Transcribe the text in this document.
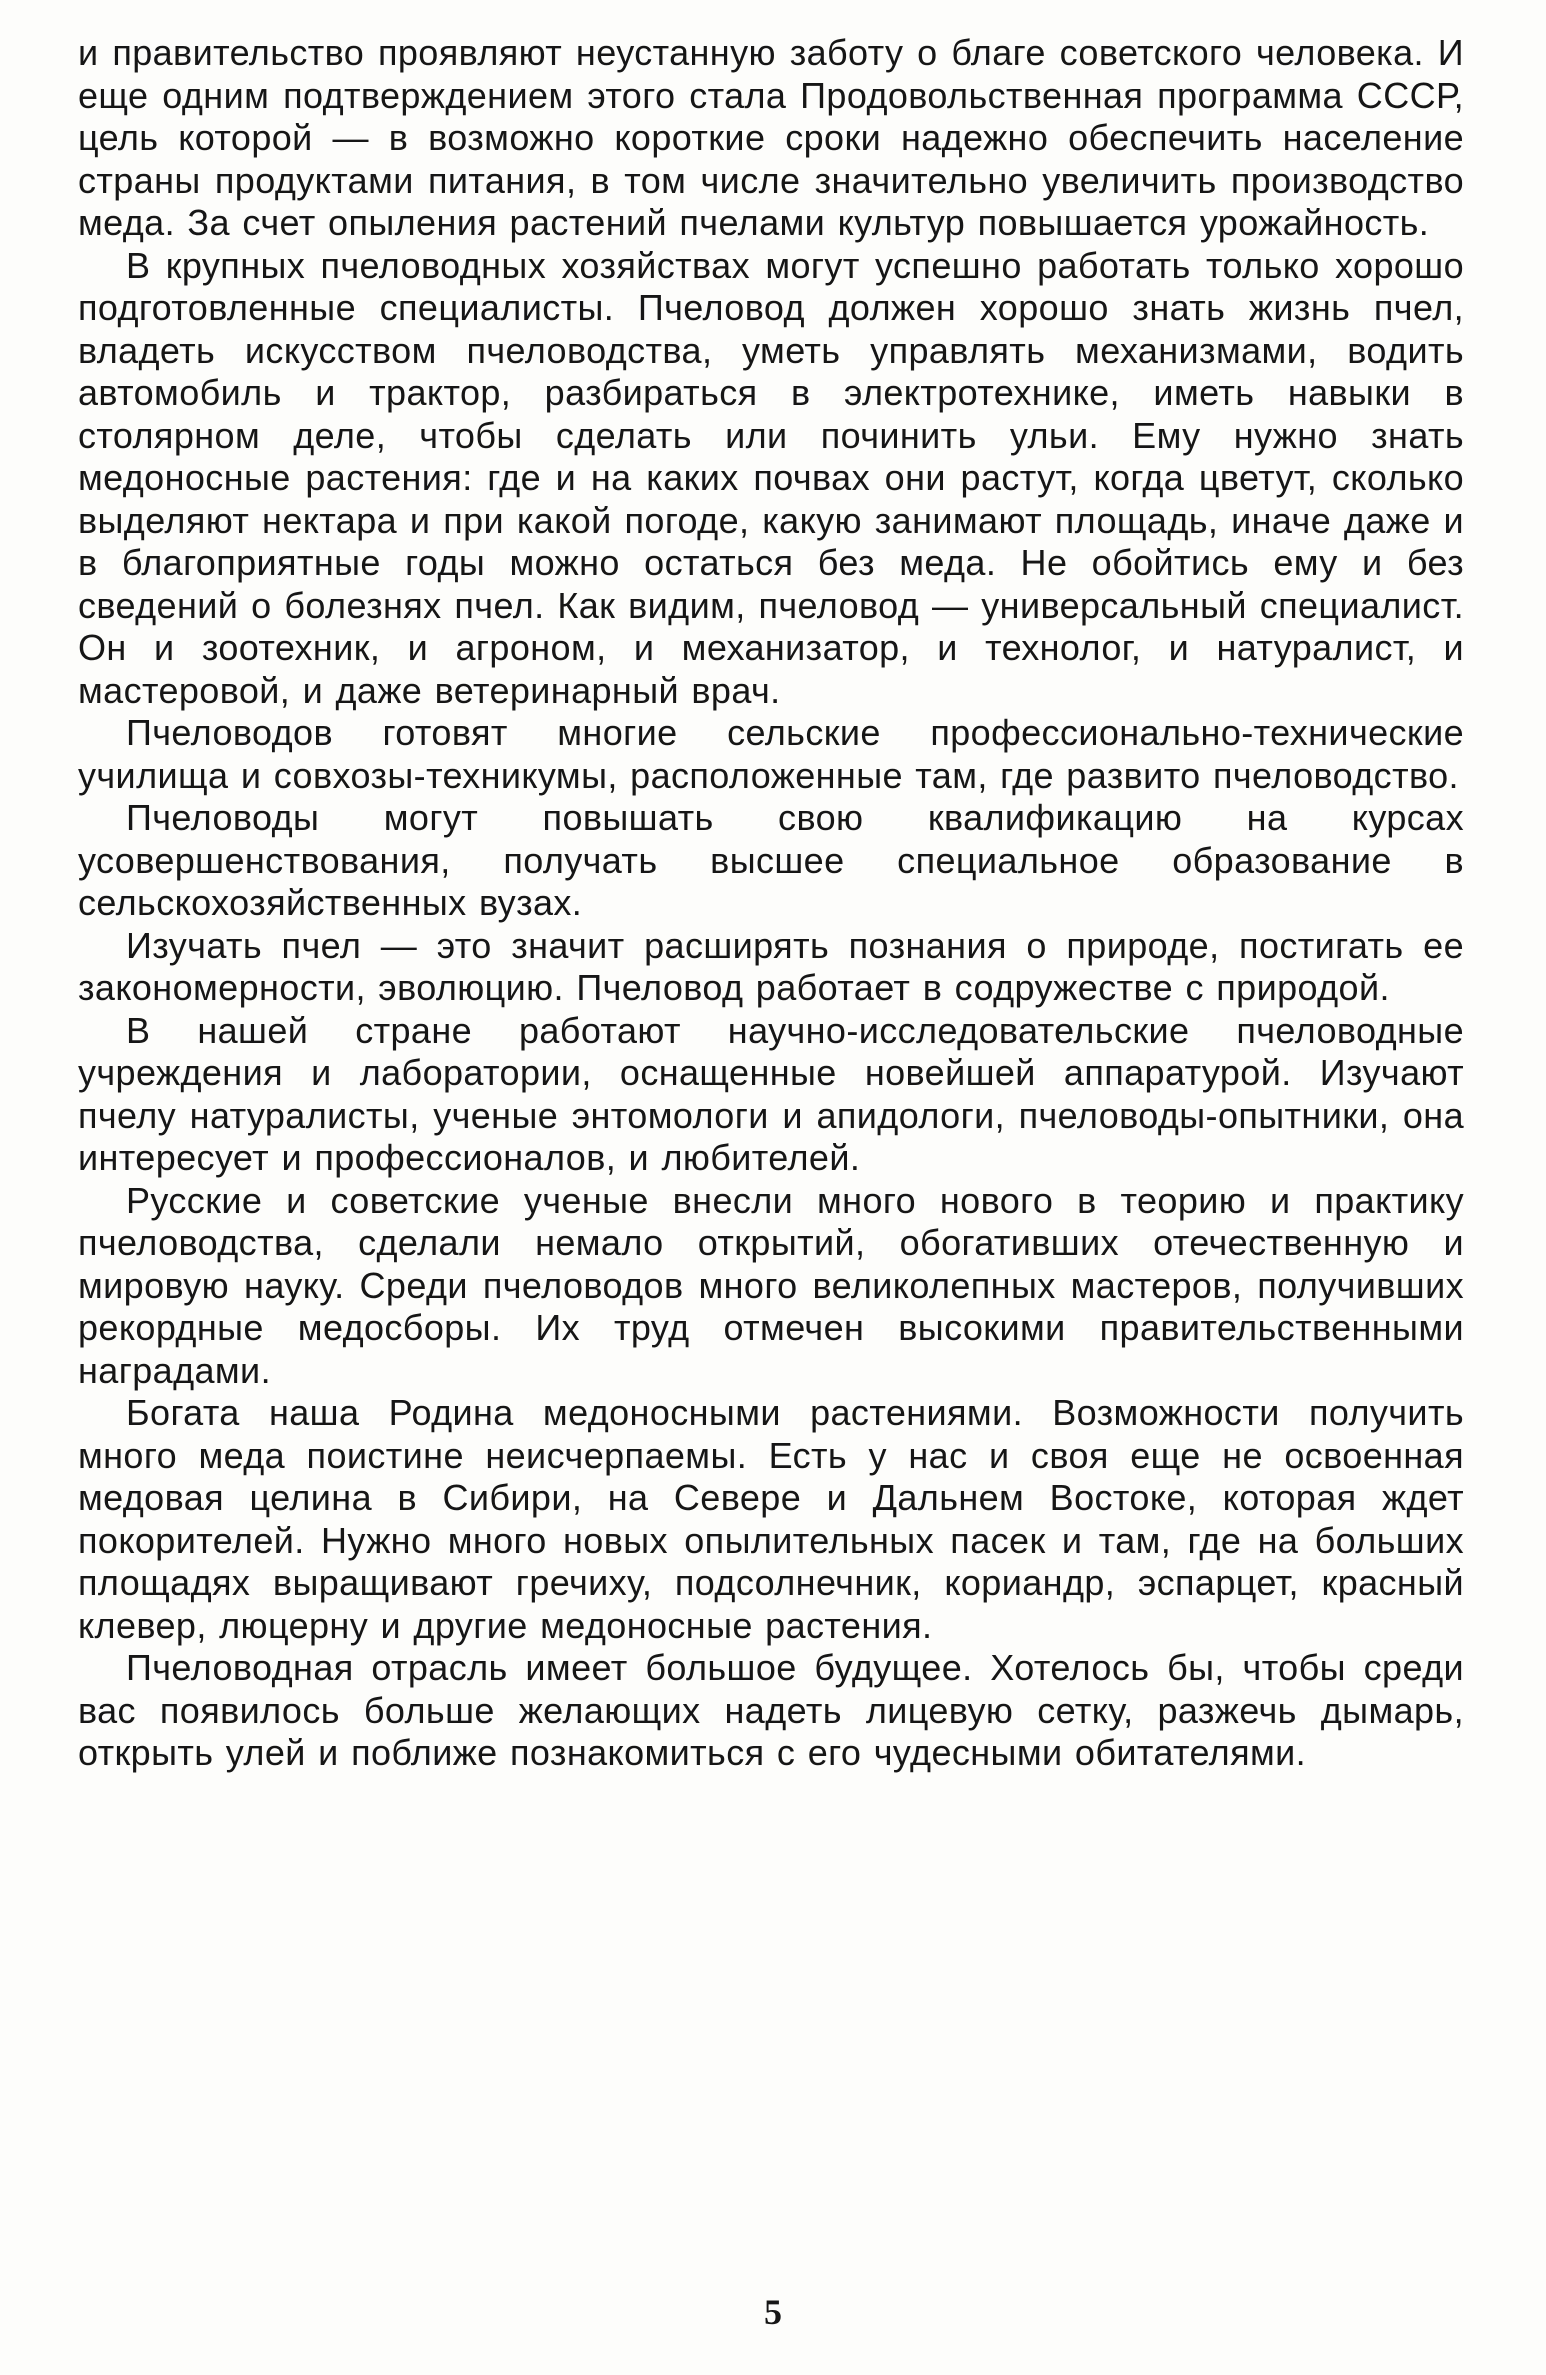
и правительство проявляют неустанную заботу о благе советского человека. И еще одним подтверждением этого стала Продовольственная программа СССР, цель которой — в возможно короткие сроки надежно обеспечить население страны продуктами питания, в том числе значительно увеличить производство меда. За счет опыления растений пчелами культур повышается урожайность.

В крупных пчеловодных хозяйствах могут успешно работать только хорошо подготовленные специалисты. Пчеловод должен хорошо знать жизнь пчел, владеть искусством пчеловодства, уметь управлять механизмами, водить автомобиль и трактор, разбираться в электротехнике, иметь навыки в столярном деле, чтобы сделать или починить ульи. Ему нужно знать медоносные растения: где и на каких почвах они растут, когда цветут, сколько выделяют нектара и при какой погоде, какую занимают площадь, иначе даже и в благоприятные годы можно остаться без меда. Не обойтись ему и без сведений о болезнях пчел. Как видим, пчеловод — универсальный специалист. Он и зоотехник, и агроном, и механизатор, и технолог, и натуралист, и мастеровой, и даже ветеринарный врач.

Пчеловодов готовят многие сельские профессионально-технические училища и совхозы-техникумы, расположенные там, где развито пчеловодство.

Пчеловоды могут повышать свою квалификацию на курсах усовершенствования, получать высшее специальное образование в сельскохозяйственных вузах.

Изучать пчел — это значит расширять познания о природе, постигать ее закономерности, эволюцию. Пчеловод работает в содружестве с природой.

В нашей стране работают научно-исследовательские пчеловодные учреждения и лаборатории, оснащенные новейшей аппаратурой. Изучают пчелу натуралисты, ученые энтомологи и апидологи, пчеловоды-опытники, она интересует и профессионалов, и любителей.

Русские и советские ученые внесли много нового в теорию и практику пчеловодства, сделали немало открытий, обогативших отечественную и мировую науку. Среди пчеловодов много великолепных мастеров, получивших рекордные медосборы. Их труд отмечен высокими правительственными наградами.

Богата наша Родина медоносными растениями. Возможности получить много меда поистине неисчерпаемы. Есть у нас и своя еще не освоенная медовая целина в Сибири, на Севере и Дальнем Востоке, которая ждет покорителей. Нужно много новых опылительных пасек и там, где на больших площадях выращивают гречиху, подсолнечник, кориандр, эспарцет, красный клевер, люцерну и другие медоносные растения.

Пчеловодная отрасль имеет большое будущее. Хотелось бы, чтобы среди вас появилось больше желающих надеть лицевую сетку, разжечь дымарь, открыть улей и поближе познакомиться с его чудесными обитателями.

5
